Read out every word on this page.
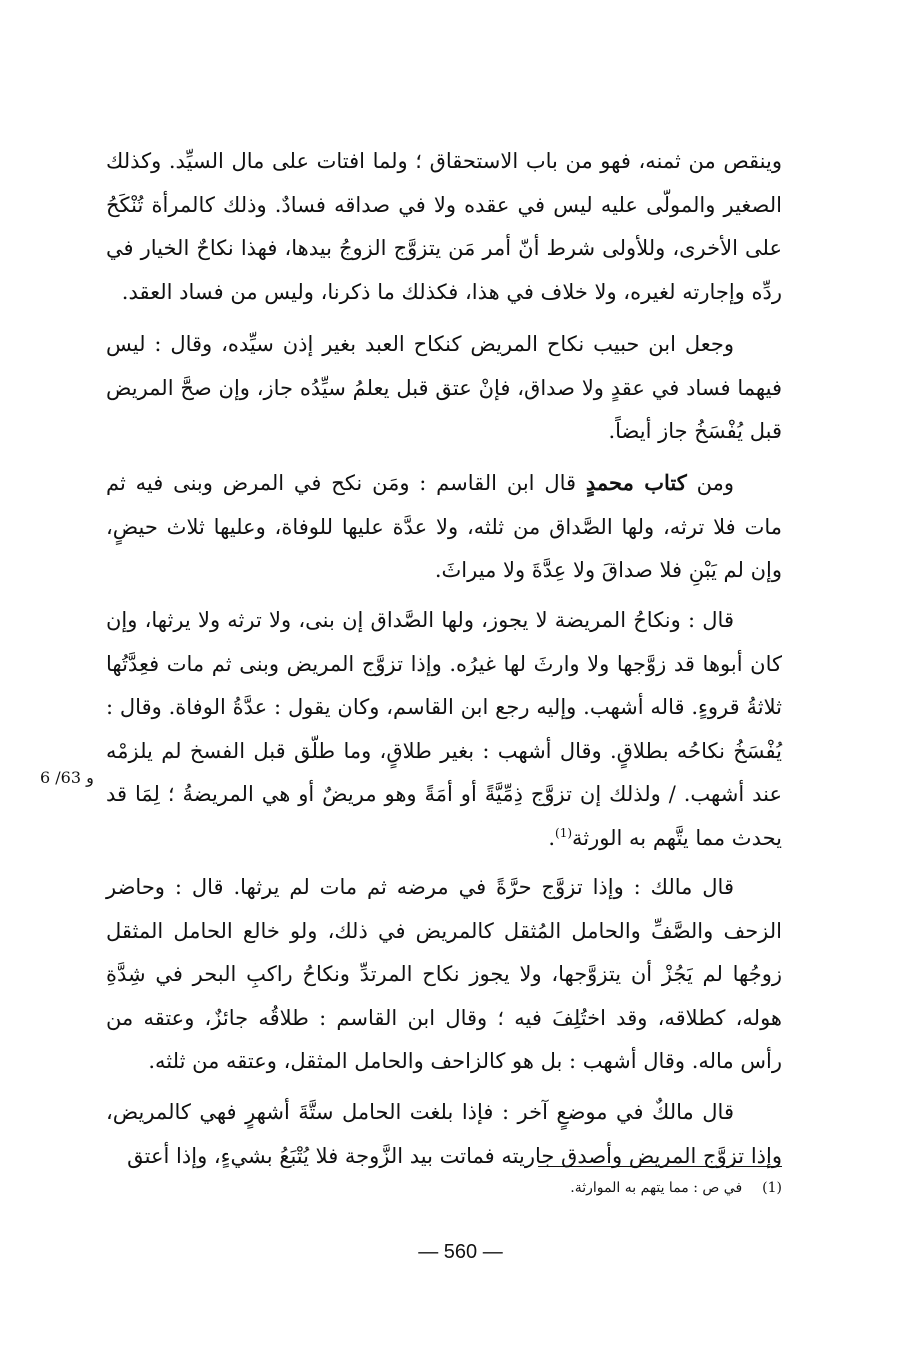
وينقص من ثمنه، فهو من باب الاستحقاق ؛ ولما افتات على مال السيِّد. وكذلك الصغير والمولّى عليه ليس في عقده ولا في صداقه فسادٌ. وذلك كالمرأة تُنْكَحُ على الأخرى، وللأولى شرط أنّ أمر مَن يتزوَّج الزوجُ بيدها، فهذا نكاحٌ الخيار في ردِّه وإجارته لغيره، ولا خلاف في هذا، فكذلك ما ذكرنا، وليس من فساد العقد.

وجعل ابن حبيب نكاح المريض كنكاح العبد بغير إذن سيِّده، وقال : ليس فيهما فساد في عقدٍ ولا صداق، فإنْ عتق قبل يعلمُ سيِّدُه جاز، وإن صحَّ المريض قبل يُفْسَخُ جاز أيضاً.

ومن كتاب محمدٍ قال ابن القاسم : ومَن نكح في المرض وبنى فيه ثم مات فلا ترثه، ولها الصَّداق من ثلثه، ولا عدَّة عليها للوفاة، وعليها ثلاث حيضٍ، وإن لم يَبْنِ فلا صداقَ ولا عِدَّةَ ولا ميراثَ.

قال : ونكاحُ المريضة لا يجوز، ولها الصَّداق إن بنى، ولا ترثه ولا يرثها، وإن كان أبوها قد زوَّجها ولا وارثَ لها غيرُه. وإذا تزوَّج المريض وبنى ثم مات فعِدَّتُها ثلاثةُ قروءٍ. قاله أشهب. وإليه رجع ابن القاسم، وكان يقول : عدَّةُ الوفاة. وقال : يُفْسَخُ نكاحُه بطلاقٍ. وقال أشهب : بغير طلاقٍ، وما طلّق قبل الفسخ لم يلزمْه عند أشهب. / ولذلك إن تزوَّج ذِمِّيَّةً أو أمَةً وهو مريضٌ أو هي المريضةُ ؛ لِمَا قد يحدث مما يتَّهم به الورثة$^{(1)}$.

قال مالك : وإذا تزوَّج حرَّةً في مرضه ثم مات لم يرثها. قال : وحاضر الزحف والصَّفِّ والحامل المُثقل كالمريض في ذلك، ولو خالع الحامل المثقل زوجُها لم يَجُزْ أن يتزوَّجها، ولا يجوز نكاح المرتدِّ ونكاحُ راكبِ البحر في شِدَّةِ هوله، كطلاقه، وقد اختُلِفَ فيه ؛ وقال ابن القاسم : طلاقُه جائزٌ، وعتقه من رأس ماله. وقال أشهب : بل هو كالزاحف والحامل المثقل، وعتقه من ثلثه.

قال مالكٌ في موضعٍ آخر : فإذا بلغت الحامل ستَّةَ أشهرٍ فهي كالمريض، وإذا تزوَّج المريض وأصدق جاريته فماتت بيد الزَّوجة فلا يُتْبَعُ بشيءٍ، وإذا أعتق

6 /63 و
(1)في ص : مما يتهم به الموارثة.
— 560 —
